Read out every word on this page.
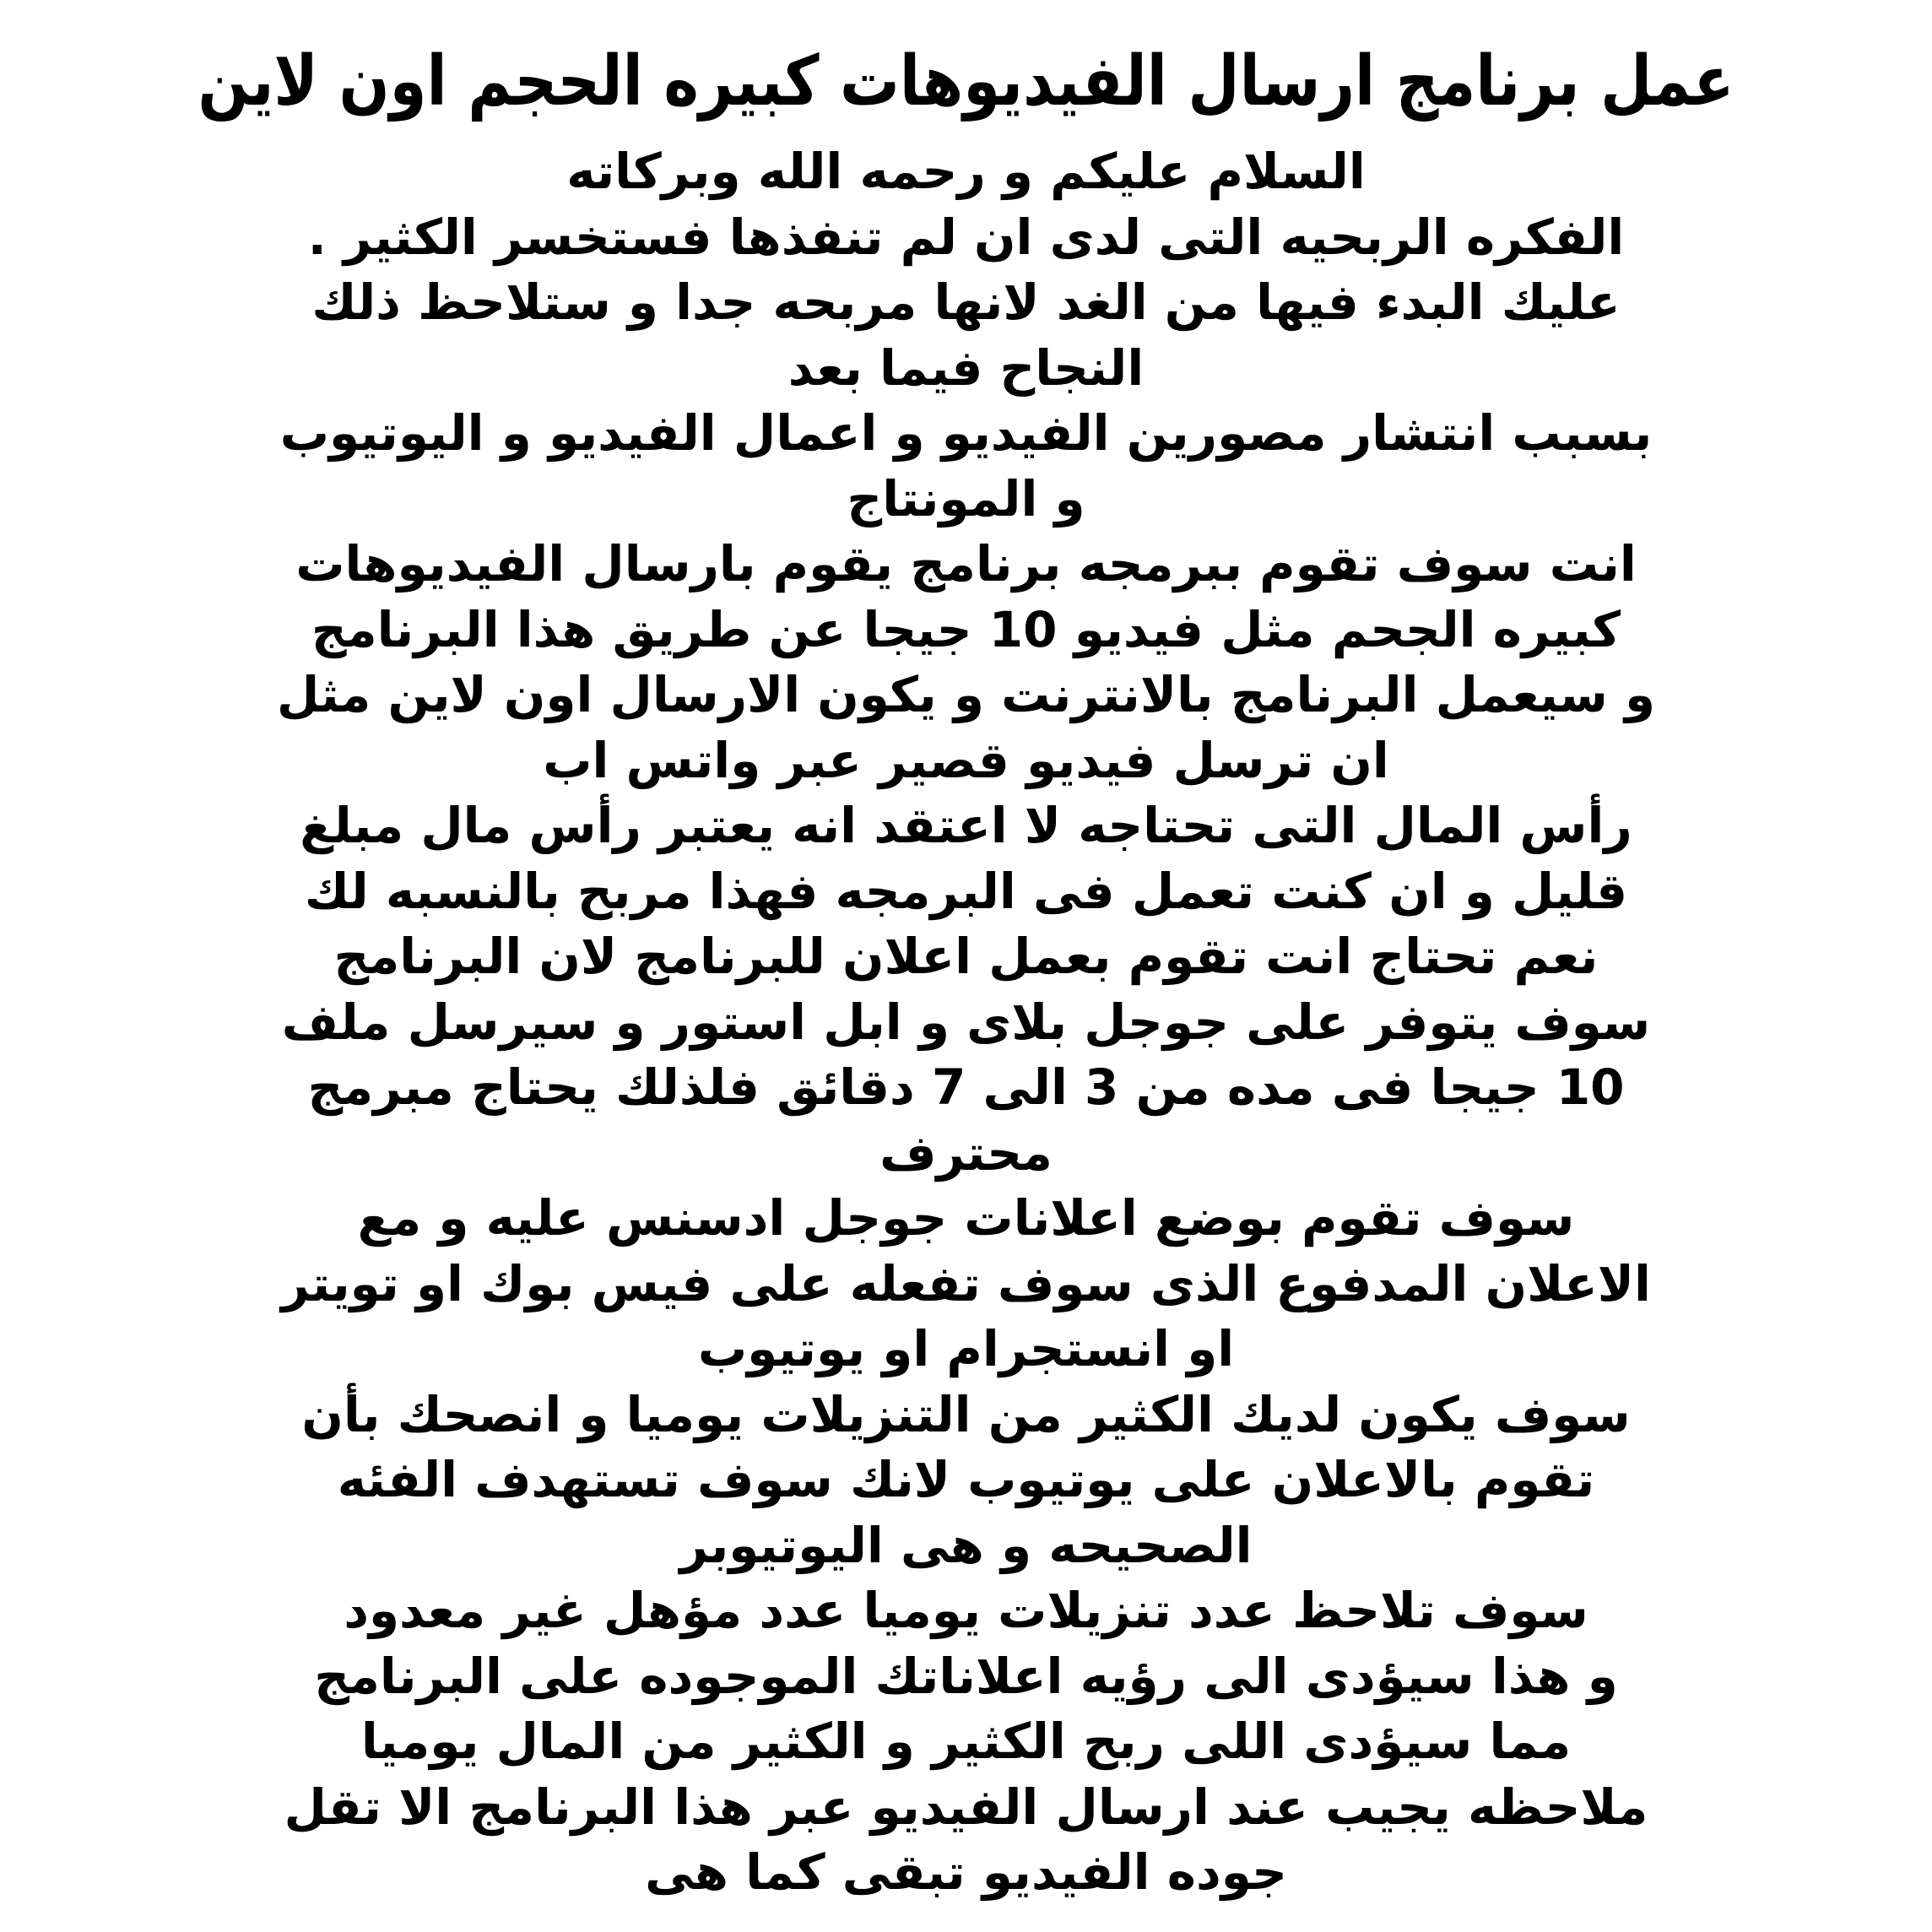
عمل برنامج ارسال الفيديوهات كبيره الحجم اون لاين
السلام عليكم و رحمه الله وبركاته
الفكره الربحيه التى لدى ان لم تنفذها فستخسر الكثير .
عليك البدء فيها من الغد لانها مربحه جدا و ستلاحظ ذلك
النجاح فيما بعد
بسبب انتشار مصورين الفيديو و اعمال الفيديو و اليوتيوب
و المونتاج
انت سوف تقوم ببرمجه برنامج يقوم بارسال الفيديوهات
كبيره الجحم مثل فيديو 10 جيجا عن طريق هذا البرنامج
و سيعمل البرنامج بالانترنت و يكون الارسال اون لاين مثل
ان ترسل فيديو قصير عبر واتس اب
رأس المال التى تحتاجه لا اعتقد انه يعتبر رأس مال مبلغ
قليل و ان كنت تعمل فى البرمجه فهذا مربح بالنسبه لك
نعم تحتاج انت تقوم بعمل اعلان للبرنامج لان البرنامج
سوف يتوفر على جوجل بلاى و ابل استور و سيرسل ملف
10 جيجا فى مده من 3 الى 7 دقائق فلذلك يحتاج مبرمج
محترف
سوف تقوم بوضع اعلانات جوجل ادسنس عليه و مع
الاعلان المدفوع الذى سوف تفعله على فيس بوك او تويتر
او انستجرام او يوتيوب
سوف يكون لديك الكثير من التنزيلات يوميا و انصحك بأن
تقوم بالاعلان على يوتيوب لانك سوف تستهدف الفئه
الصحيحه و هى اليوتيوبر
سوف تلاحظ عدد تنزيلات يوميا عدد مؤهل غير معدود
و هذا سيؤدى الى رؤيه اعلاناتك الموجوده على البرنامج
مما سيؤدى اللى ربح الكثير و الكثير من المال يوميا
ملاحظه يجيب عند ارسال الفيديو عبر هذا البرنامج الا تقل
جوده الفيديو تبقى كما هى
